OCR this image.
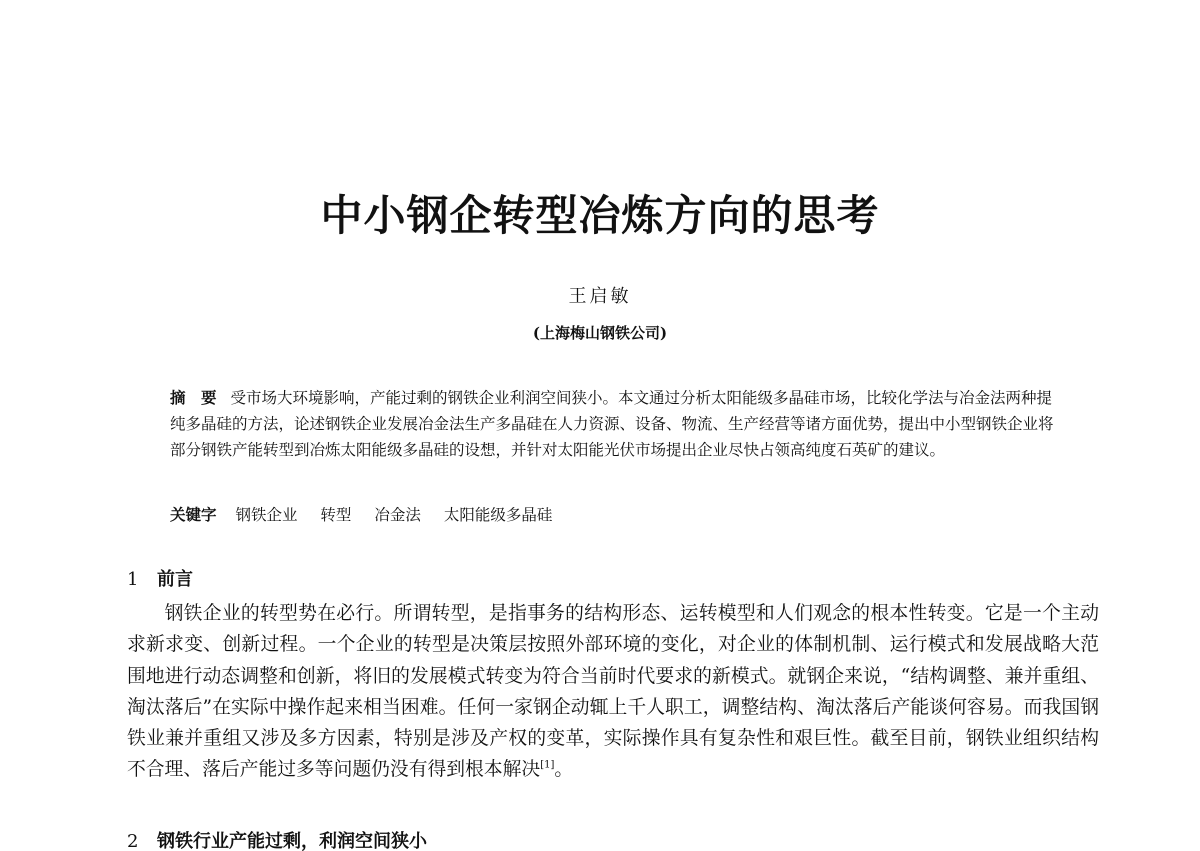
中小钢企转型冶炼方向的思考
王启敏
(上海梅山钢铁公司)

摘　要 受市场大环境影响，产能过剩的钢铁企业利润空间狭小。本文通过分析太阳能级多晶硅市场，比较化学法与冶金法两种提纯多晶硅的方法，论述钢铁企业发展冶金法生产多晶硅在人力资源、设备、物流、生产经营等诸方面优势，提出中小型钢铁企业将部分钢铁产能转型到冶炼太阳能级多晶硅的设想，并针对太阳能光伏市场提出企业尽快占领高纯度石英矿的建议。

关键字 钢铁企业 转型 冶金法 太阳能级多晶硅
1 前言

钢铁企业的转型势在必行。所谓转型，是指事务的结构形态、运转模型和人们观念的根本性转变。它是一个主动求新求变、创新过程。一个企业的转型是决策层按照外部环境的变化，对企业的体制机制、运行模式和发展战略大范围地进行动态调整和创新，将旧的发展模式转变为符合当前时代要求的新模式。就钢企来说，“结构调整、兼并重组、淘汰落后”在实际中操作起来相当困难。任何一家钢企动辄上千人职工，调整结构、淘汰落后产能谈何容易。而我国钢铁业兼并重组又涉及多方因素，特别是涉及产权的变革，实际操作具有复杂性和艰巨性。截至目前，钢铁业组织结构不合理、落后产能过多等问题仍没有得到根本解决[1]。

2 钢铁行业产能过剩，利润空间狭小
